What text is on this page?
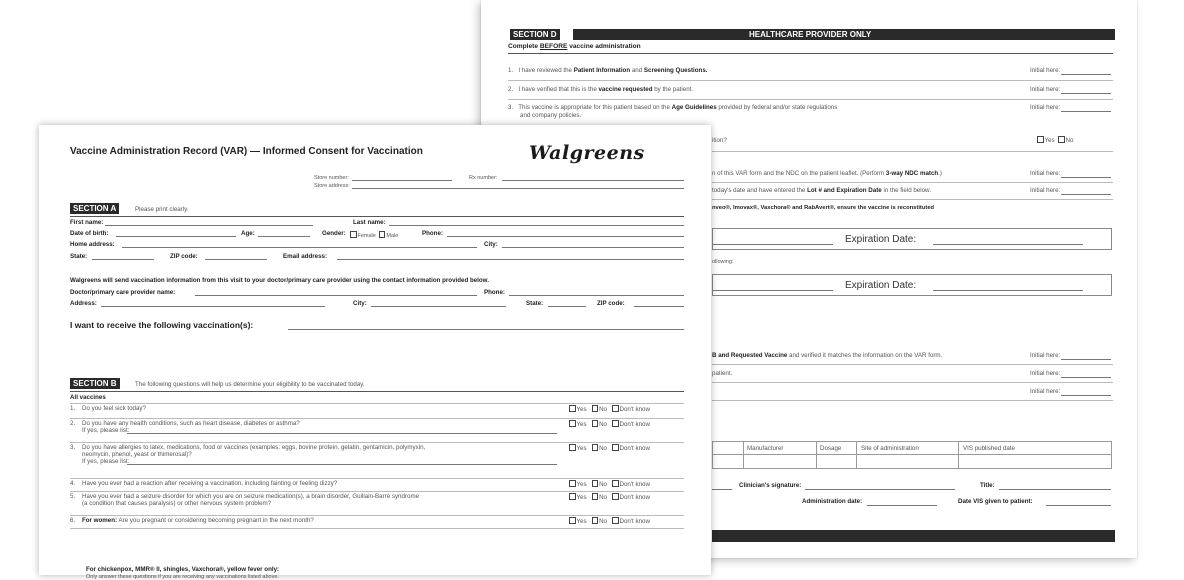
SECTION D	HEALTHCARE PROVIDER ONLY
Complete BEFORE vaccine administration
1. I have reviewed the Patient Information and Screening Questions.	Initial here:
2. I have verified that this is the vaccine requested by the patient.	Initial here:
3. This vaccine is appropriate for this patient based on the Age Guidelines provided by federal and/or state regulations
and company policies.
Initial here:
ition?	Yes No
n of this VAR form and the NDC on the patient leaflet. (Perform 3-way NDC match.)	Initial here:
today's date and have entered the Lot # and Expiration Date in the field below.	Initial here:
nveo®, Imovax®, Vaxchora® and RabAvert®, ensure the vaccine is reconstituted
Expiration Date:
ollowing:
Expiration Date:
B and Requested Vaccine and verified it matches the information on the VAR form.	Initial here:
patient.	Initial here:
Initial here:
Manufacturer	Dosage	Site of administration	VIS published date
Clinician's signature:	Title:
Administration date:	Date VIS given to patient:
Vaccine Administration Record (VAR) — Informed Consent for Vaccination	Walgreens
Store number:	Rx number:
Store address:
SECTION A	Please print clearly.
First name:	Last name:
Date of birth:	Age:	Gender:	Female Male	Phone:
Home address:	City:
State:	ZIP code:	Email address:
Walgreens will send vaccination information from this visit to your doctor/primary care provider using the contact information provided below.
Doctor/primary care provider name:	Phone:
Address:	City:	State:	ZIP code:
I want to receive the following vaccination(s):
SECTION B	The following questions will help us determine your eligibility to be vaccinated today.
All vaccines
1. Do you feel sick today?	Yes No Don't know
2. Do you have any health conditions, such as heart disease, diabetes or asthma?
If yes, please list:
Yes No Don't know
3. Do you have allergies to latex, medications, food or vaccines (examples: eggs, bovine protein, gelatin, gentamicin, polymyxin,
neomycin, phenol, yeast or thimerosal)?
If yes, please list:
Yes No Don't know
4. Have you ever had a reaction after receiving a vaccination, including fainting or feeling dizzy?	Yes No Don't know
5. Have you ever had a seizure disorder for which you are on seizure medication(s), a brain disorder, Guillain-Barré syndrome
(a condition that causes paralysis) or other nervous system problem?
Yes No Don't know
6. For women: Are you pregnant or considering becoming pregnant in the next month?	Yes No Don't know
For chickenpox, MMR® II, shingles, Vaxchora®, yellow fever only:
Only answer these questions if you are receiving any vaccinations listed above.
